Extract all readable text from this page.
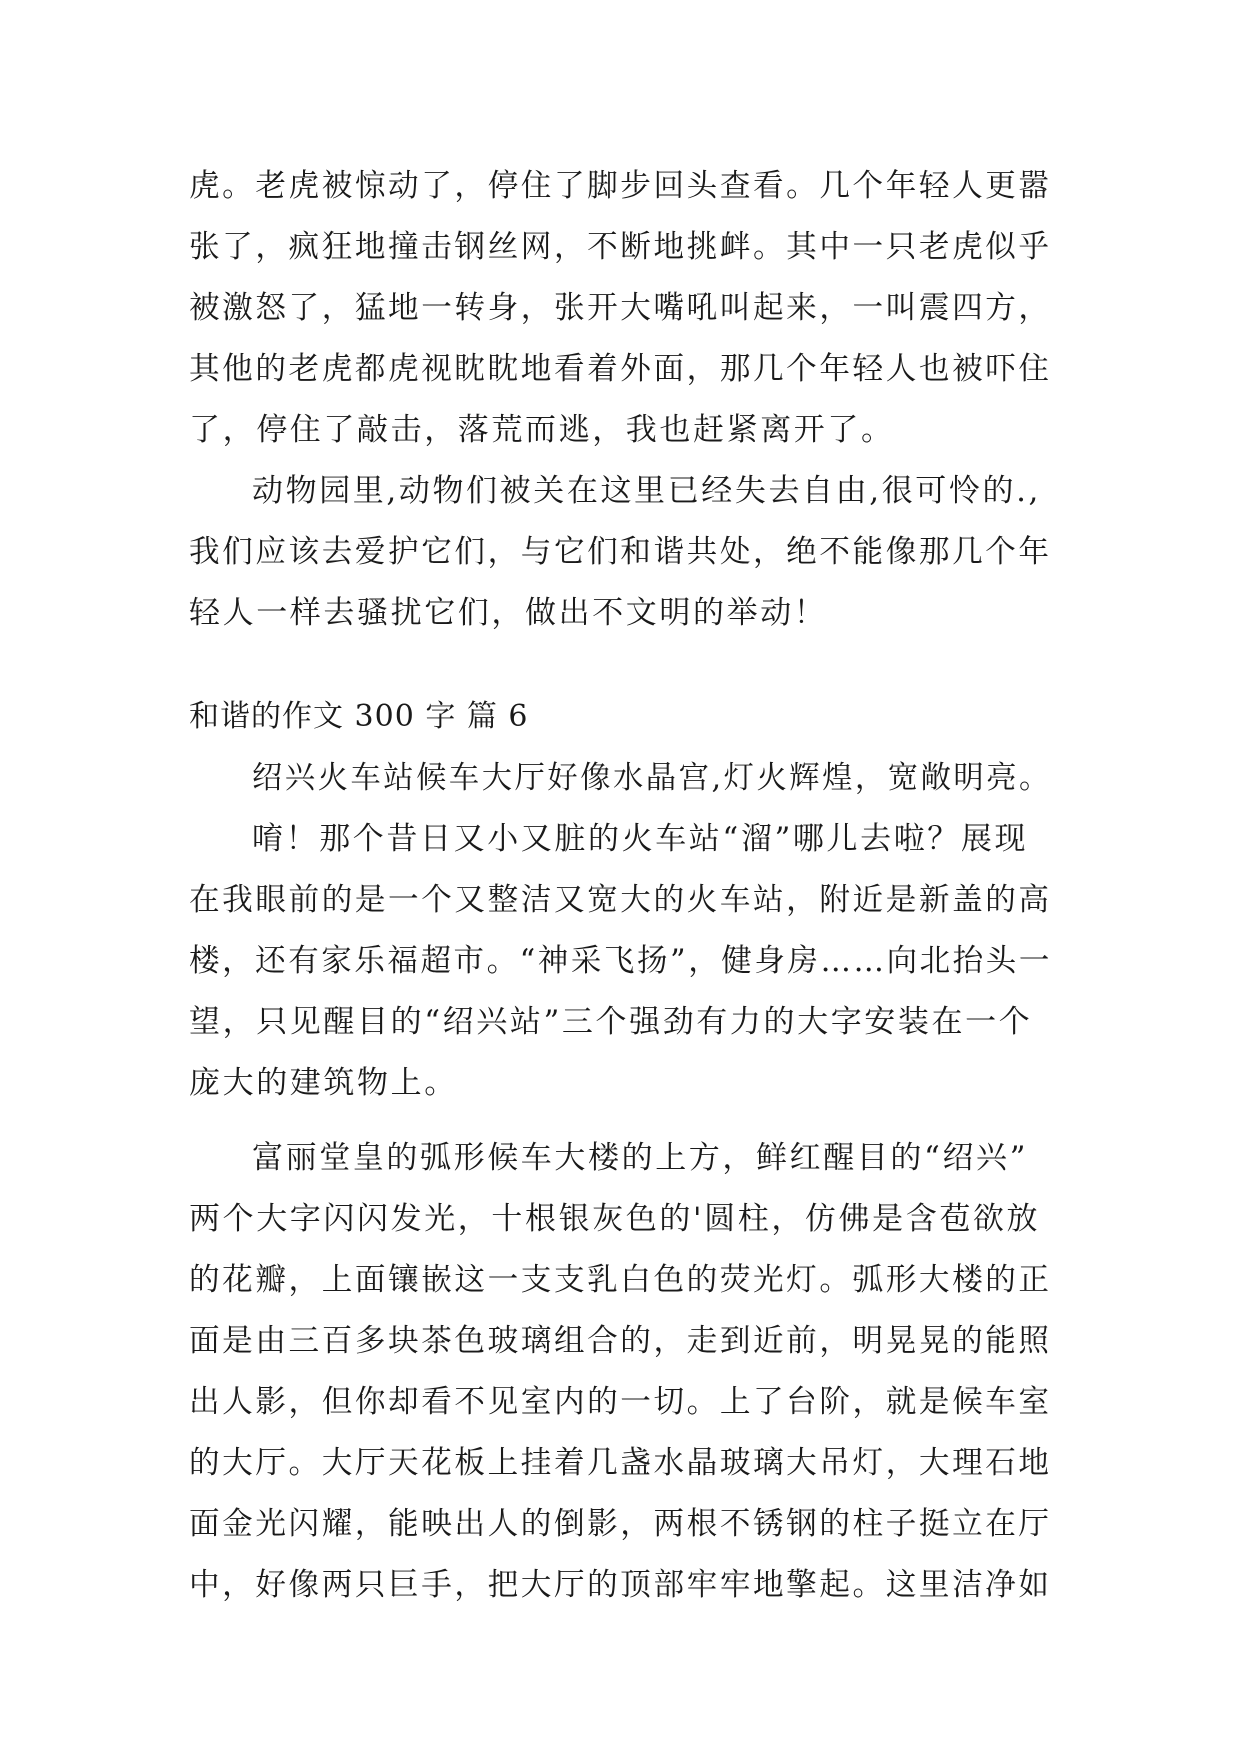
虎。老虎被惊动了，停住了脚步回头查看。几个年轻人更嚣
张了，疯狂地撞击钢丝网，不断地挑衅。其中一只老虎似乎
被激怒了，猛地一转身，张开大嘴吼叫起来，一叫震四方，
其他的老虎都虎视眈眈地看着外面，那几个年轻人也被吓住
了，停住了敲击，落荒而逃，我也赶紧离开了。
动物园里,动物们被关在这里已经失去自由,很可怜的.,
我们应该去爱护它们，与它们和谐共处，绝不能像那几个年
轻人一样去骚扰它们，做出不文明的举动！
和谐的作文 300 字 篇 6
绍兴火车站候车大厅好像水晶宫,灯火辉煌，宽敞明亮。
唷！那个昔日又小又脏的火车站“溜”哪儿去啦？展现
在我眼前的是一个又整洁又宽大的火车站，附近是新盖的高
楼，还有家乐福超市。“神采飞扬”，健身房……向北抬头一
望，只见醒目的“绍兴站”三个强劲有力的大字安装在一个
庞大的建筑物上。
富丽堂皇的弧形候车大楼的上方，鲜红醒目的“绍兴”
两个大字闪闪发光，十根银灰色的'圆柱，仿佛是含苞欲放
的花瓣，上面镶嵌这一支支乳白色的荧光灯。弧形大楼的正
面是由三百多块茶色玻璃组合的，走到近前，明晃晃的能照
出人影，但你却看不见室内的一切。上了台阶，就是候车室
的大厅。大厅天花板上挂着几盏水晶玻璃大吊灯，大理石地
面金光闪耀，能映出人的倒影，两根不锈钢的柱子挺立在厅
中，好像两只巨手，把大厅的顶部牢牢地擎起。这里洁净如
